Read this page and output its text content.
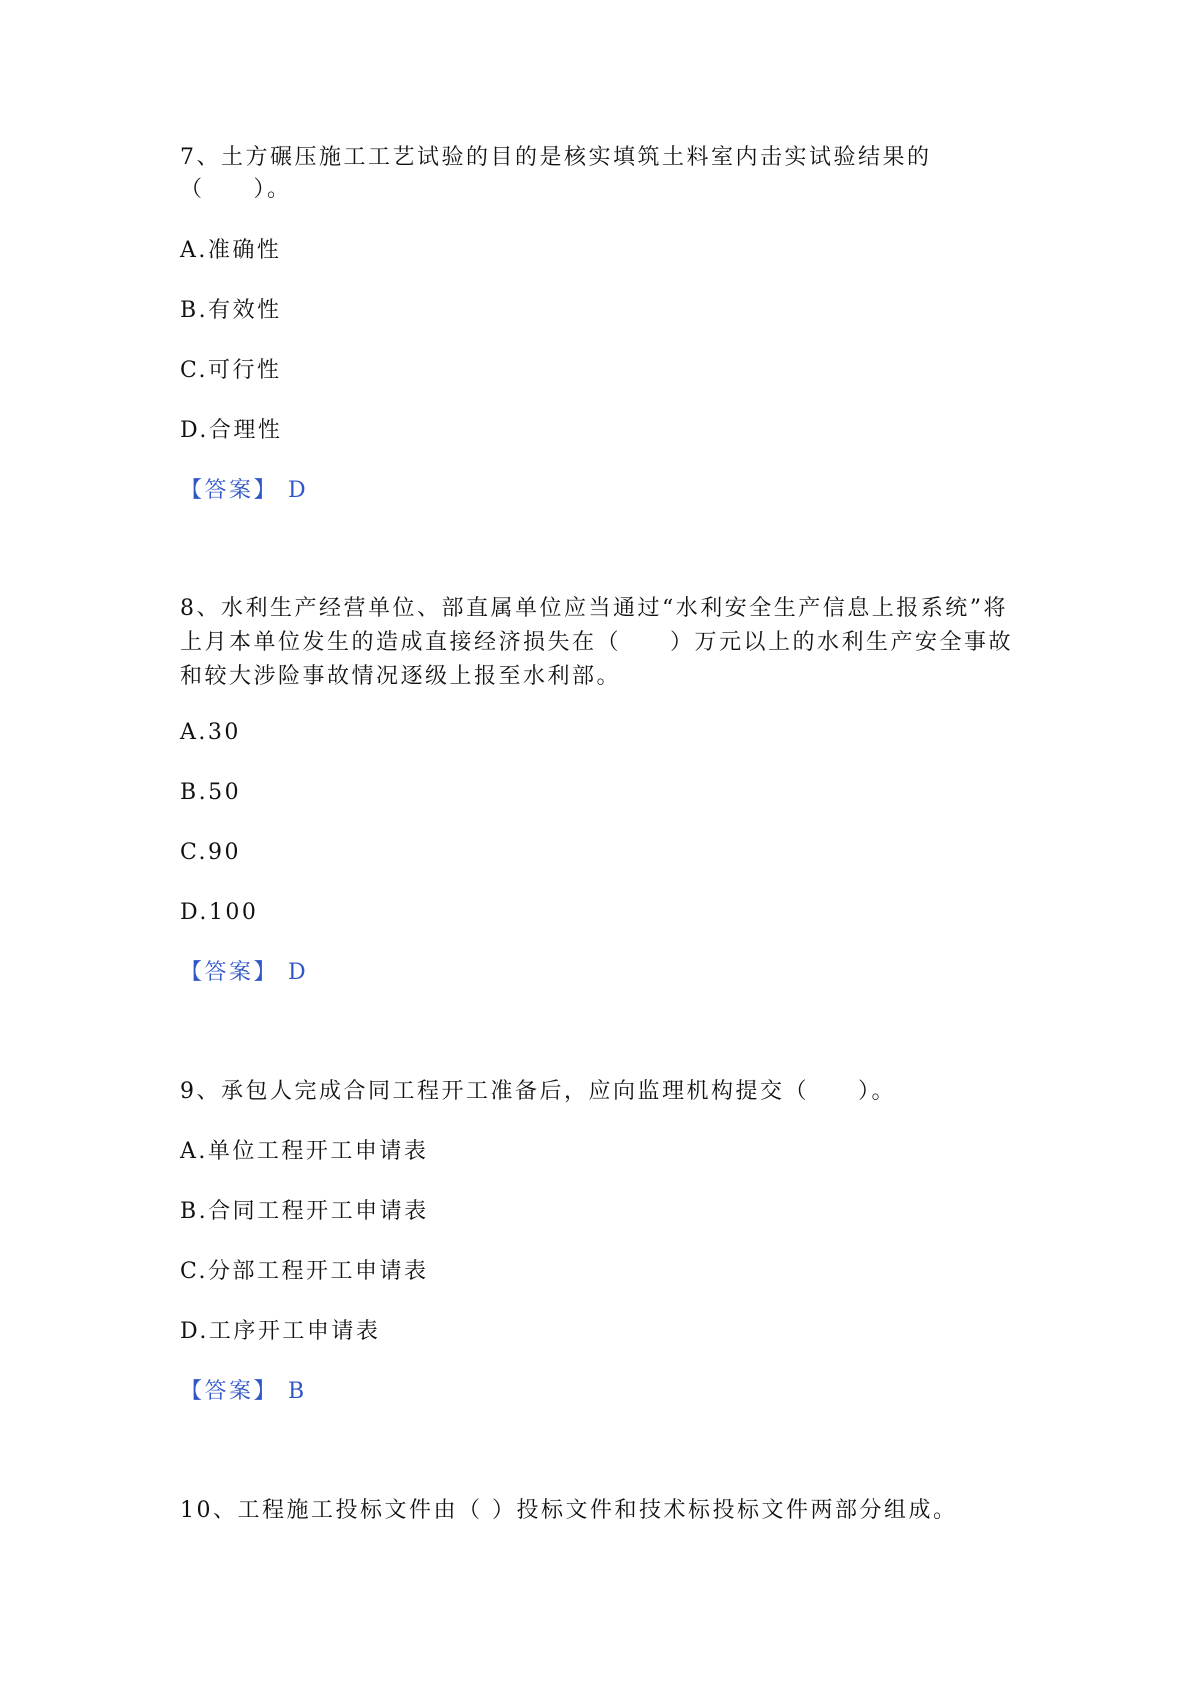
7、土方碾压施工工艺试验的目的是核实填筑土料室内击实试验结果的
（　　）。
A.准确性
B.有效性
C.可行性
D.合理性
【答案】 D
8、水利生产经营单位、部直属单位应当通过“水利安全生产信息上报系统”将
上月本单位发生的造成直接经济损失在（　　）万元以上的水利生产安全事故
和较大涉险事故情况逐级上报至水利部。
A.30
B.50
C.90
D.100
【答案】 D
9、承包人完成合同工程开工准备后，应向监理机构提交（　　）。
A.单位工程开工申请表
B.合同工程开工申请表
C.分部工程开工申请表
D.工序开工申请表
【答案】 B
10、工程施工投标文件由（ ）投标文件和技术标投标文件两部分组成。
